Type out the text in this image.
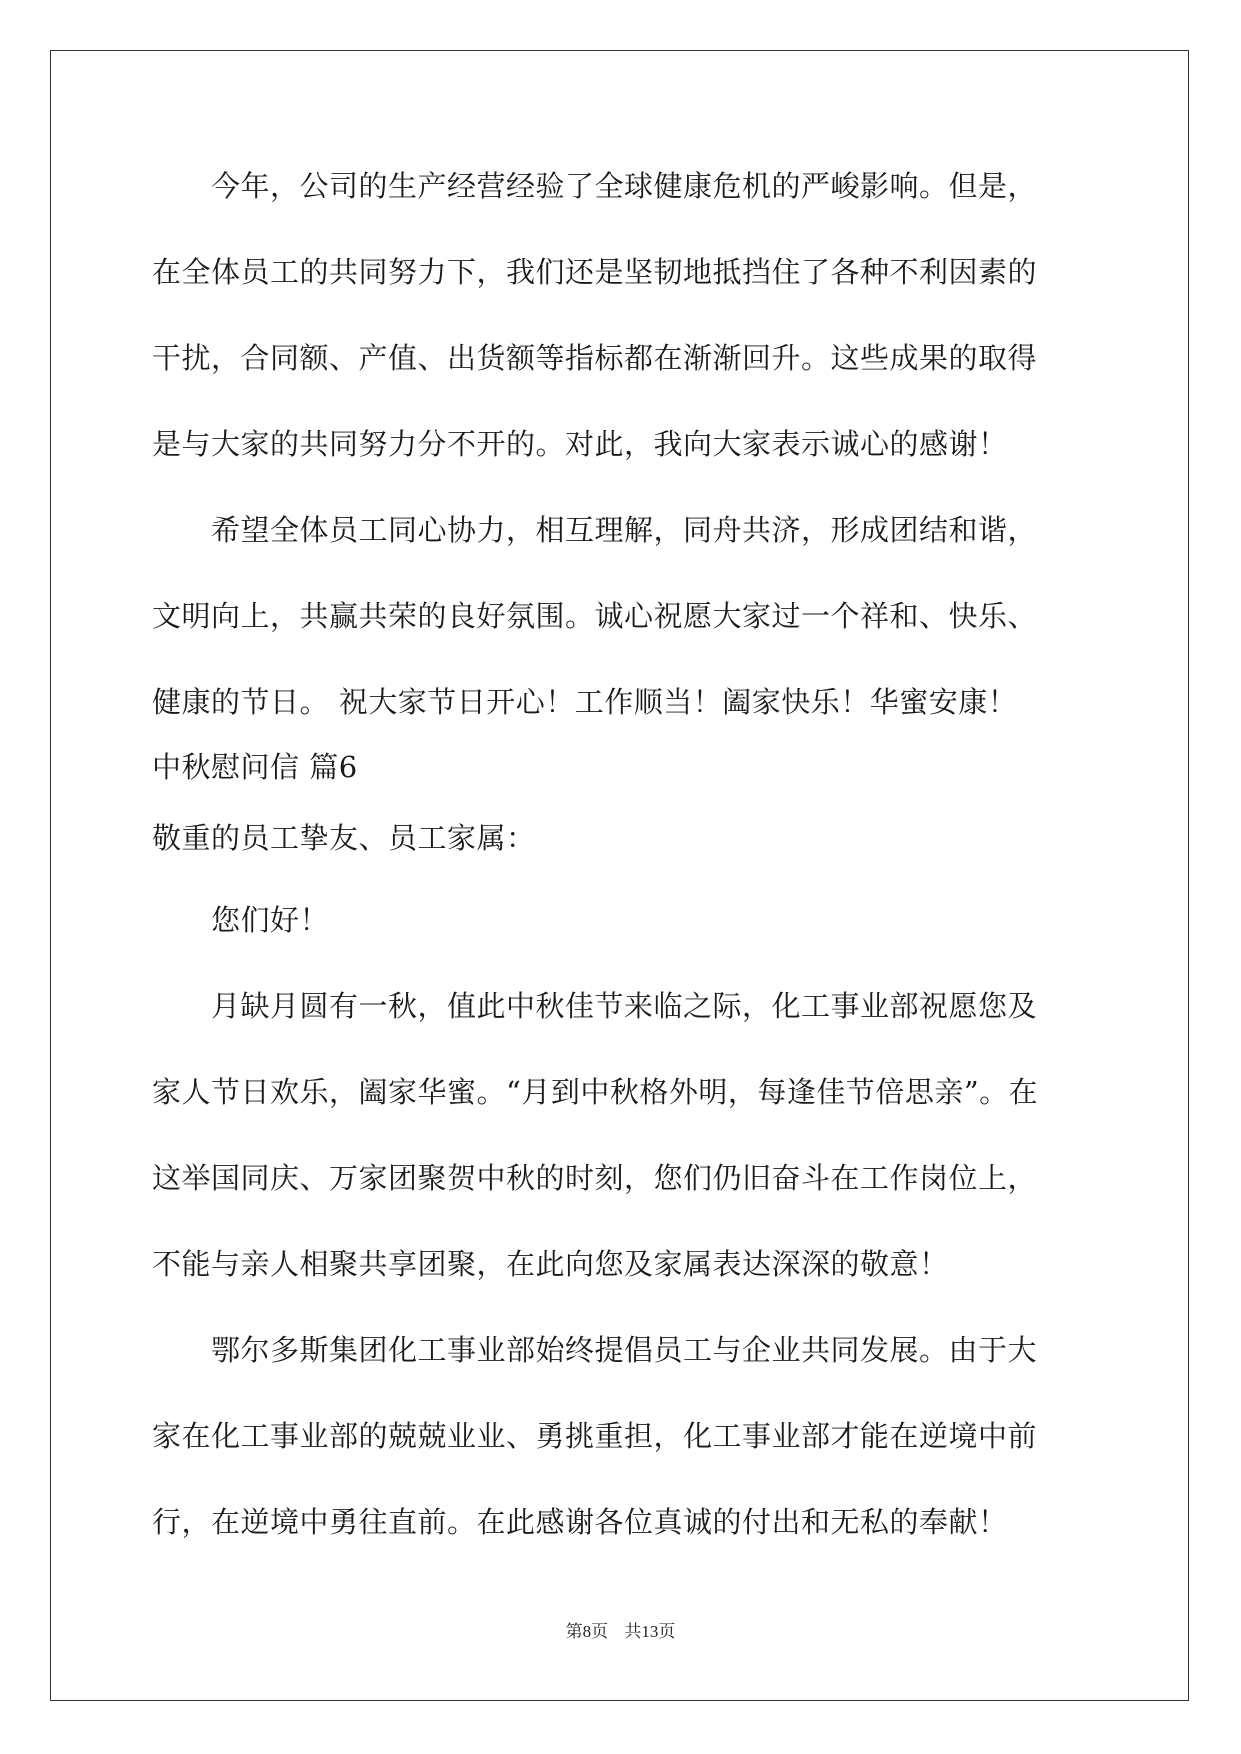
　　今年，公司的生产经营经验了全球健康危机的严峻影响。但是，
在全体员工的共同努力下，我们还是坚韧地抵挡住了各种不利因素的
干扰，合同额、产值、出货额等指标都在渐渐回升。这些成果的取得
是与大家的共同努力分不开的。对此，我向大家表示诚心的感谢！
　　希望全体员工同心协力，相互理解，同舟共济，形成团结和谐，
文明向上，共赢共荣的良好氛围。诚心祝愿大家过一个祥和、快乐、
健康的节日。 祝大家节日开心！工作顺当！阖家快乐！华蜜安康！
中秋慰问信 篇6
敬重的员工挚友、员工家属：
　　您们好！
　　月缺月圆有一秋，值此中秋佳节来临之际，化工事业部祝愿您及
家人节日欢乐，阖家华蜜。“月到中秋格外明，每逢佳节倍思亲”。在
这举国同庆、万家团聚贺中秋的时刻，您们仍旧奋斗在工作岗位上，
不能与亲人相聚共享团聚，在此向您及家属表达深深的敬意！
　　鄂尔多斯集团化工事业部始终提倡员工与企业共同发展。由于大
家在化工事业部的兢兢业业、勇挑重担，化工事业部才能在逆境中前
行，在逆境中勇往直前。在此感谢各位真诚的付出和无私的奉献！
第8页 共13页
